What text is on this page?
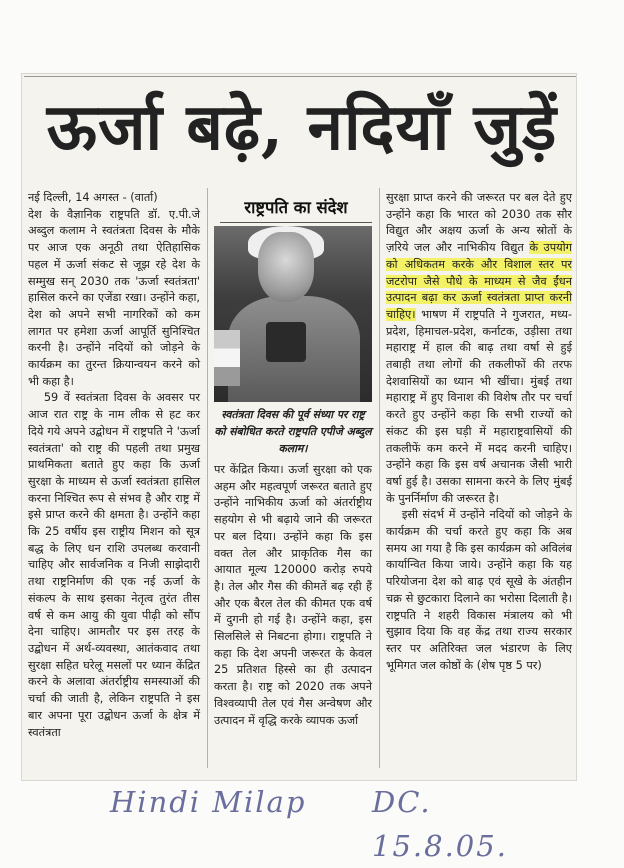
ऊर्जा बढ़े, नदियाँ जुड़ें

नई दिल्ली, 14 अगस्त - (वार्ता)

देश के वैज्ञानिक राष्ट्रपति डॉ. ए.पी.जे अब्दुल कलाम ने स्वतंत्रता दिवस के मौके पर आज एक अनूठी तथा ऐतिहासिक पहल में ऊर्जा संकट से जूझ रहे देश के सम्मुख सन् 2030 तक 'ऊर्जा स्वतंत्रता' हासिल करने का एजेंडा रखा। उन्होंने कहा, देश को अपने सभी नागरिकों को कम लागत पर हमेशा ऊर्जा आपूर्ति सुनिश्चित करनी है। उन्होंने नदियों को जोड़ने के कार्यक्रम का तुरन्त क्रियान्वयन करने को भी कहा है।

59 वें स्वतंत्रता दिवस के अवसर पर आज रात राष्ट्र के नाम लीक से हट कर दिये गये अपने उद्बोधन में राष्ट्रपति ने 'ऊर्जा स्वतंत्रता' को राष्ट्र की पहली तथा प्रमुख प्राथमिकता बताते हुए कहा कि ऊर्जा सुरक्षा के माध्यम से ऊर्जा स्वतंत्रता हासिल करना निश्चित रूप से संभव है और राष्ट्र में इसे प्राप्त करने की क्षमता है। उन्होंने कहा कि 25 वर्षीय इस राष्ट्रीय मिशन को सूत्र बद्ध के लिए धन राशि उपलब्ध करवानी चाहिए और सार्वजनिक व निजी साझेदारी तथा राष्ट्रनिर्माण की एक नई ऊर्जा के संकल्प के साथ इसका नेतृत्व तुरंत तीस वर्ष से कम आयु की युवा पीढ़ी को सौंप देना चाहिए। आमतौर पर इस तरह के उद्बोधन में अर्थ-व्यवस्था, आतंकवाद तथा सुरक्षा सहित घरेलू मसलों पर ध्यान केंद्रित करने के अलावा अंतर्राष्ट्रीय समस्याओं की चर्चा की जाती है, लेकिन राष्ट्रपति ने इस बार अपना पूरा उद्बोधन ऊर्जा के क्षेत्र में स्वतंत्रता

राष्ट्रपति का संदेश
स्वतंत्रता दिवस की पूर्व संध्या पर राष्ट्र को संबोधित करते राष्ट्रपति एपीजे अब्दुल कलाम।

पर केंद्रित किया। ऊर्जा सुरक्षा को एक अहम और महत्वपूर्ण जरूरत बताते हुए उन्होंने नाभिकीय ऊर्जा को अंतर्राष्ट्रीय सहयोग से भी बढ़ाये जाने की जरूरत पर बल दिया। उन्होंने कहा कि इस वक्त तेल और प्राकृतिक गैस का आयात मूल्य 120000 करोड़ रुपये है। तेल और गैस की कीमतें बढ़ रही हैं और एक बैरल तेल की कीमत एक वर्ष में दुगनी हो गई है। उन्होंने कहा, इस सिलसिले से निबटना होगा। राष्ट्रपति ने कहा कि देश अपनी जरूरत के केवल 25 प्रतिशत हिस्से का ही उत्पादन करता है। राष्ट्र को 2020 तक अपने विश्वव्यापी तेल एवं गैस अन्वेषण और उत्पादन में वृद्धि करके व्यापक ऊर्जा

सुरक्षा प्राप्त करने की जरूरत पर बल देते हुए उन्होंने कहा कि भारत को 2030 तक सौर विद्युत और अक्षय ऊर्जा के अन्य स्रोतों के ज़रिये जल और नाभिकीय विद्युत के उपयोग को अधिकतम करके और विशाल स्तर पर जटरोपा जैसे पौधे के माध्यम से जैव ईंधन उत्पादन बढ़ा कर ऊर्जा स्वतंत्रता प्राप्त करनी चाहिए। भाषण में राष्ट्रपति ने गुजरात, मध्य-प्रदेश, हिमाचल-प्रदेश, कर्नाटक, उड़ीसा तथा महाराष्ट्र में हाल की बाढ़ तथा वर्षा से हुई तबाही तथा लोगों की तकलीफों की तरफ देशवासियों का ध्यान भी खींचा। मुंबई तथा महाराष्ट्र में हुए विनाश की विशेष तौर पर चर्चा करते हुए उन्होंने कहा कि सभी राज्यों को संकट की इस घड़ी में महाराष्ट्रवासियों की तकलीफें कम करने में मदद करनी चाहिए। उन्होंने कहा कि इस वर्ष अचानक जैसी भारी वर्षा हुई है। उसका सामना करने के लिए मुंबई के पुनर्निर्माण की जरूरत है।

इसी संदर्भ में उन्होंने नदियों को जोड़ने के कार्यक्रम की चर्चा करते हुए कहा कि अब समय आ गया है कि इस कार्यक्रम को अविलंब कार्यान्वित किया जाये। उन्होंने कहा कि यह परियोजना देश को बाढ़ एवं सूखे के अंतहीन चक्र से छुटकारा दिलाने का भरोसा दिलाती है। राष्ट्रपति ने शहरी विकास मंत्रालय को भी सुझाव दिया कि वह केंद्र तथा राज्य सरकार स्तर पर अतिरिक्त जल भंडारण के लिए भूमिगत जल कोष्ठों के (शेष पृष्ठ 5 पर)

Hindi Milap DC. 15.8.05.
